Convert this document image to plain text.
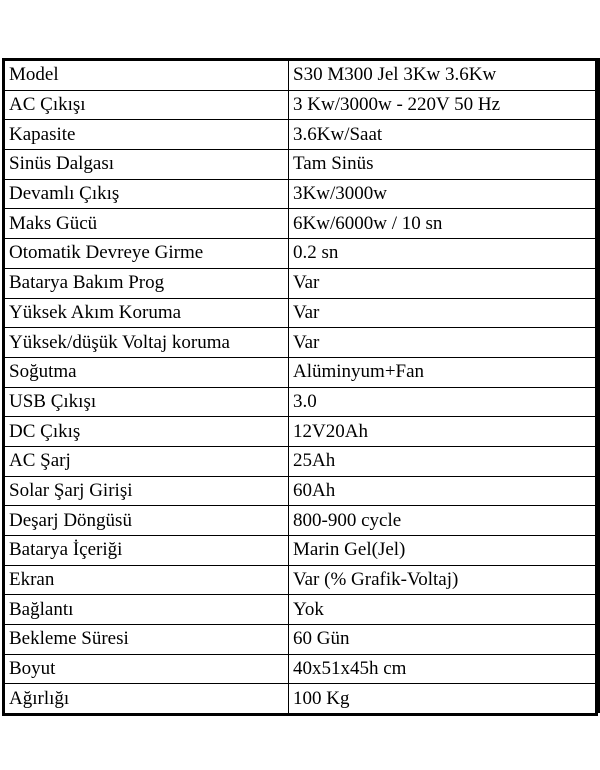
Model	S30 M300 Jel 3Kw 3.6Kw
AC Çıkışı	3 Kw/3000w - 220V 50 Hz
Kapasite	3.6Kw/Saat
Sinüs Dalgası	Tam Sinüs
Devamlı Çıkış	3Kw/3000w
Maks Gücü	6Kw/6000w / 10 sn
Otomatik Devreye Girme	0.2 sn
Batarya Bakım Prog	Var
Yüksek Akım Koruma	Var
Yüksek/düşük Voltaj koruma	Var
Soğutma	Alüminyum+Fan
USB Çıkışı	3.0
DC Çıkış	12V20Ah
AC Şarj	25Ah
Solar Şarj Girişi	60Ah
Deşarj Döngüsü	800-900 cycle
Batarya İçeriği	Marin Gel(Jel)
Ekran	Var (% Grafik-Voltaj)
Bağlantı	Yok
Bekleme Süresi	60 Gün
Boyut	40x51x45h cm
Ağırlığı	100 Kg
